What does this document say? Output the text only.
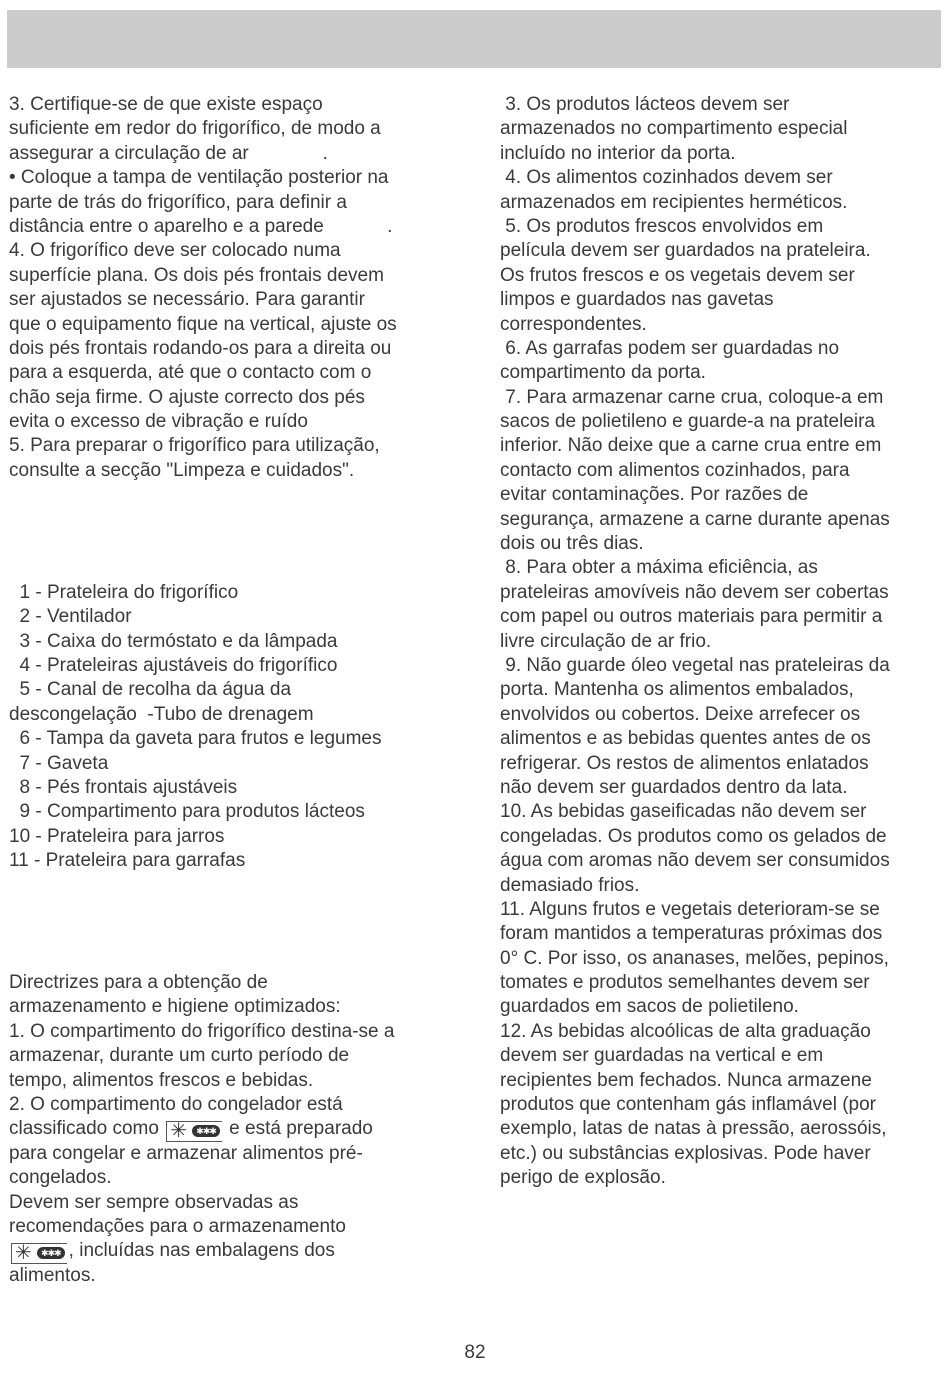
3. Certifique-se de que existe espaço
suficiente em redor do frigorífico, de modo a
assegurar a circulação de ar              .
• Coloque a tampa de ventilação posterior na
parte de trás do frigorífico, para definir a
distância entre o aparelho e a parede            .
4. O frigorífico deve ser colocado numa
superfície plana. Os dois pés frontais devem
ser ajustados se necessário. Para garantir
que o equipamento fique na vertical, ajuste os
dois pés frontais rodando-os para a direita ou
para a esquerda, até que o contacto com o
chão seja firme. O ajuste correcto dos pés
evita o excesso de vibração e ruído
5. Para preparar o frigorífico para utilização,
consulte a secção "Limpeza e cuidados".
1 - Prateleira do frigorífico
2 - Ventilador
3 - Caixa do termóstato e da lâmpada
4 - Prateleiras ajustáveis do frigorífico
5 - Canal de recolha da água da
descongelação  -Tubo de drenagem
6 - Tampa da gaveta para frutos e legumes
7 - Gaveta
8 - Pés frontais ajustáveis
9 - Compartimento para produtos lácteos
10 - Prateleira para jarros
11 - Prateleira para garrafas
Directrizes para a obtenção de
armazenamento e higiene optimizados:
1. O compartimento do frigorífico destina-se a
armazenar, durante um curto período de
tempo, alimentos frescos e bebidas.
2. O compartimento do congelador está
classificado como ✳ ✱✱✱ e está preparado
para congelar e armazenar alimentos pré-
congelados.
Devem ser sempre observadas as
recomendações para o armazenamento
✳ ✱✱✱ , incluídas nas embalagens dos
alimentos.
3. Os produtos lácteos devem ser
armazenados no compartimento especial
incluído no interior da porta.
4. Os alimentos cozinhados devem ser
armazenados em recipientes herméticos.
5. Os produtos frescos envolvidos em
película devem ser guardados na prateleira.
Os frutos frescos e os vegetais devem ser
limpos e guardados nas gavetas
correspondentes.
6. As garrafas podem ser guardadas no
compartimento da porta.
7. Para armazenar carne crua, coloque-a em
sacos de polietileno e guarde-a na prateleira
inferior. Não deixe que a carne crua entre em
contacto com alimentos cozinhados, para
evitar contaminações. Por razões de
segurança, armazene a carne durante apenas
dois ou três dias.
8. Para obter a máxima eficiência, as
prateleiras amovíveis não devem ser cobertas
com papel ou outros materiais para permitir a
livre circulação de ar frio.
9. Não guarde óleo vegetal nas prateleiras da
porta. Mantenha os alimentos embalados,
envolvidos ou cobertos. Deixe arrefecer os
alimentos e as bebidas quentes antes de os
refrigerar. Os restos de alimentos enlatados
não devem ser guardados dentro da lata.
10. As bebidas gaseificadas não devem ser
congeladas. Os produtos como os gelados de
água com aromas não devem ser consumidos
demasiado frios.
11. Alguns frutos e vegetais deterioram-se se
foram mantidos a temperaturas próximas dos
0° C. Por isso, os ananases, melões, pepinos,
tomates e produtos semelhantes devem ser
guardados em sacos de polietileno.
12. As bebidas alcoólicas de alta graduação
devem ser guardadas na vertical e em
recipientes bem fechados. Nunca armazene
produtos que contenham gás inflamável (por
exemplo, latas de natas à pressão, aerossóis,
etc.) ou substâncias explosivas. Pode haver
perigo de explosão.
82
